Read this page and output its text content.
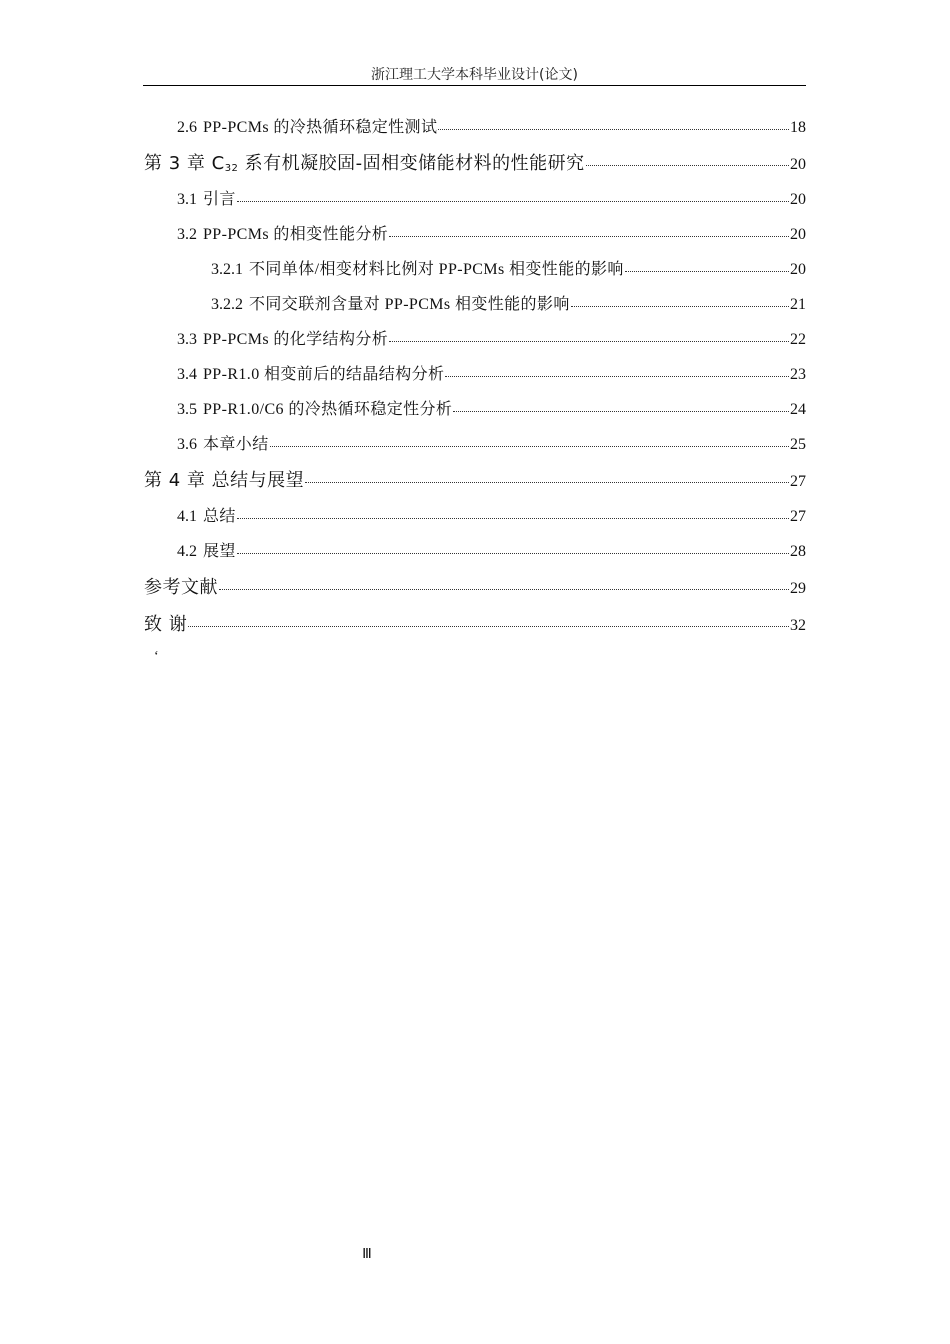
浙江理工大学本科毕业设计(论文)
2.6 PP-PCMs 的冷热循环稳定性测试	18
第 3 章 $C_{32}$ 系有机凝胶固-固相变储能材料的性能研究	20
3.1 引言	20
3.2 PP-PCMs 的相变性能分析	20
3.2.1 不同单体/相变材料比例对 PP-PCMs 相变性能的影响	20
3.2.2 不同交联剂含量对 PP-PCMs 相变性能的影响	21
3.3 PP-PCMs 的化学结构分析	22
3.4 PP-R1.0 相变前后的结晶结构分析	23
3.5 PP-R1.0/C6 的冷热循环稳定性分析	24
3.6 本章小结	25
第 4 章 总结与展望	27
4.1 总结	27
4.2 展望	28
参考文献	29
致 谢	32
‘
Ⅲ
